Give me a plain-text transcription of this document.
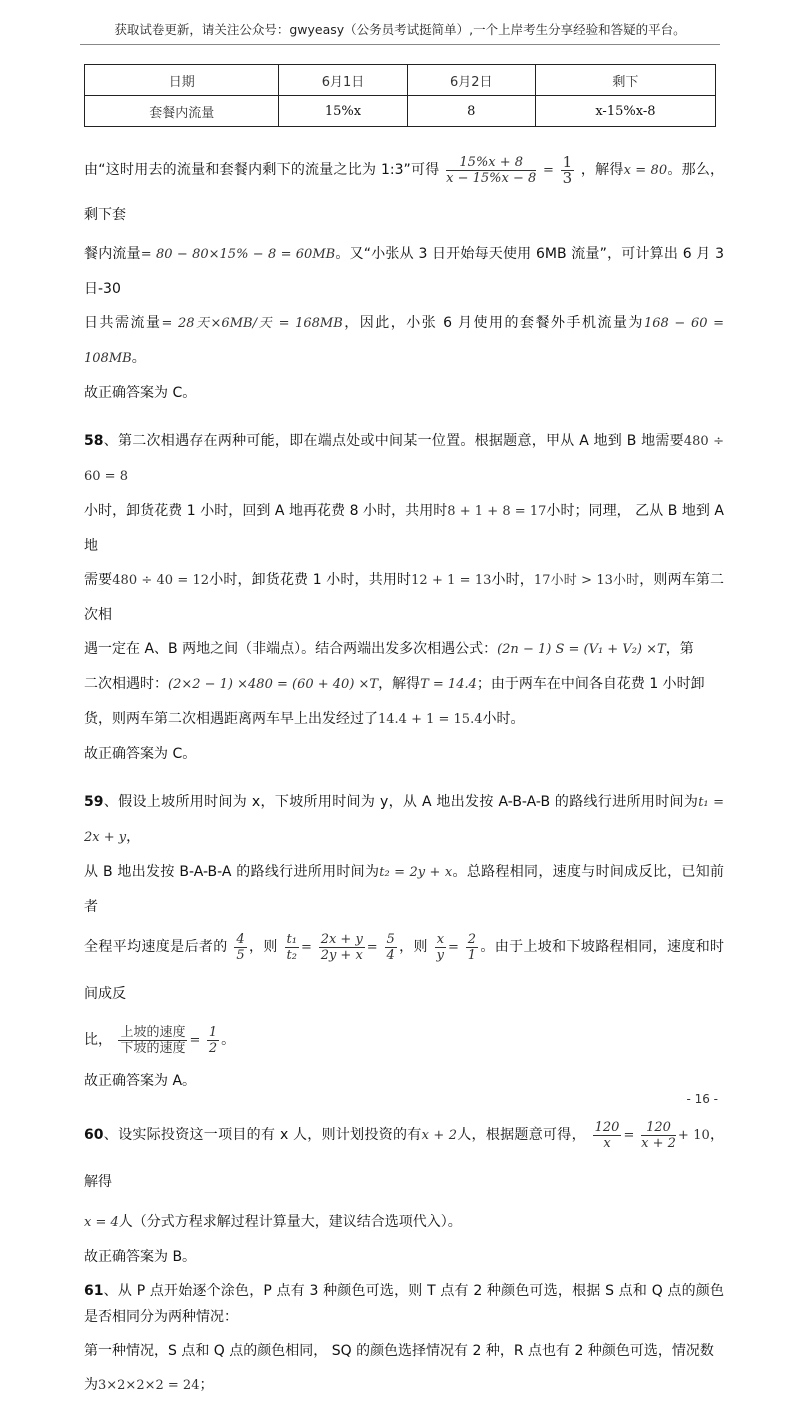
获取试卷更新，请关注公众号：gwyeasy（公务员考试挺简单）,一个上岸考生分享经验和答疑的平台。
日期	6月1日	6月2日	剩下
套餐内流量	15%x	8	x-15%x-8

由“这时用去的流量和套餐内剩下的流量之比为 1:3”可得 $\frac{15\%x + 8}{x - 15\%x - 8} = \frac{1}{3}$ ，解得x = 80。那么，剩下套

餐内流量= 80 − 80×15% − 8 = 60MB。又“小张从 3 日开始每天使用 6MB 流量”，可计算出 6 月 3 日-30

日共需流量= 28天×6MB/天 = 168MB，因此，小张 6 月使用的套餐外手机流量为168 − 60 = 108MB。

故正确答案为 C。

58、第二次相遇存在两种可能，即在端点处或中间某一位置。根据题意，甲从 A 地到 B 地需要480 ÷ 60 = 8

小时，卸货花费 1 小时，回到 A 地再花费 8 小时，共用时8 + 1 + 8 = 17小时；同理， 乙从 B 地到 A 地

需要480 ÷ 40 = 12小时，卸货花费 1 小时，共用时12 + 1 = 13小时，17小时 > 13小时，则两车第二次相

遇一定在 A、B 两地之间（非端点）。结合两端出发多次相遇公式：(2n − 1) S = (V₁ + V₂) ×T，第

二次相遇时：(2×2 − 1) ×480 = (60 + 40) ×T，解得T = 14.4；由于两车在中间各自花费 1 小时卸

货，则两车第二次相遇距离两车早上出发经过了14.4 + 1 = 15.4小时。

故正确答案为 C。

59、假设上坡所用时间为 x，下坡所用时间为 y，从 A 地出发按 A-B-A-B 的路线行进所用时间为t₁ = 2x + y，

从 B 地出发按 B-A-B-A 的路线行进所用时间为t₂ = 2y + x。总路程相同，速度与时间成反比，已知前者

全程平均速度是后者的 $\frac{4}{5}$ ，则 $\frac{\text{t₁}}{\text{t₂}} = \frac{2x + y}{2y + x} = \frac{5}{4}$ ，则 $\frac{x}{y} = \frac{2}{1}$ 。由于上坡和下坡路程相同，速度和时间成反

比， 上坡的速度
下坡的速度 = $\frac{1}{2}$ 。

故正确答案为 A。

60、设实际投资这一项目的有 x 人，则计划投资的有x + 2人，根据题意可得， $\frac{120}{x} = \frac{120}{x + 2} + 10$，解得

x = 4人（分式方程求解过程计算量大，建议结合选项代入）。

故正确答案为 B。

61、从 P 点开始逐个涂色，P 点有 3 种颜色可选，则 T 点有 2 种颜色可选，根据 S 点和 Q 点的颜色是否相同分为两种情况：

第一种情况，S 点和 Q 点的颜色相同， SQ 的颜色选择情况有 2 种，R 点也有 2 种颜色可选，情况数

为3×2×2×2 = 24；

- 16 -
